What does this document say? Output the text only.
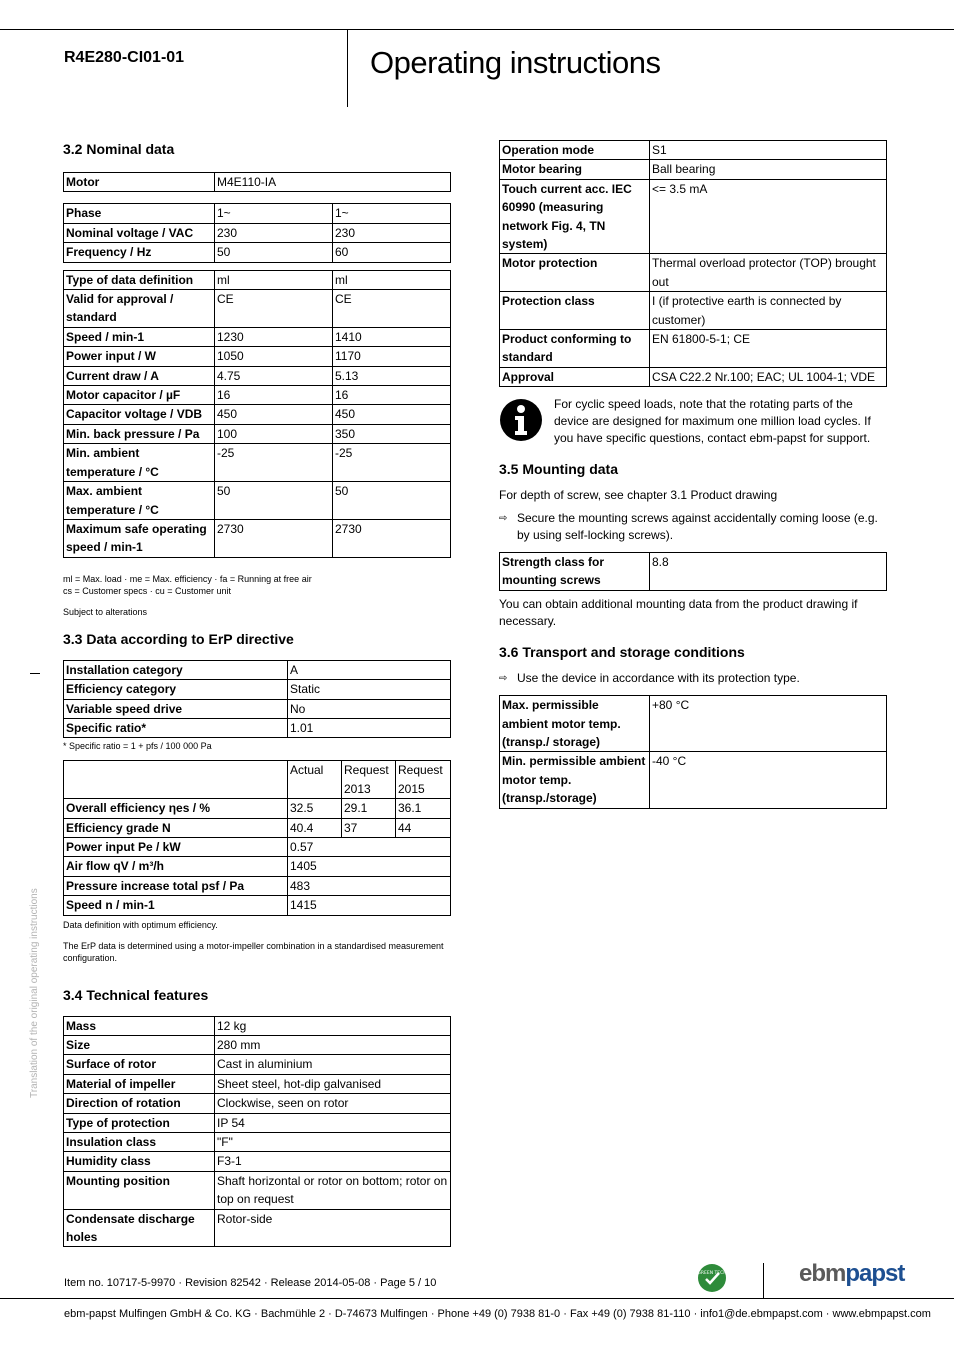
R4E280-CI01-01	Operating instructions
Translation of the original operating instructions
3.2 Nominal data
Motor	M4E110-IA
Phase	1~	1~
Nominal voltage / VAC	230	230
Frequency / Hz	50	60
Type of data definition	ml	ml
Valid for approval / standard	CE	CE
Speed / min-1	1230	1410
Power input / W	1050	1170
Current draw / A	4.75	5.13
Motor capacitor / µF	16	16
Capacitor voltage / VDB	450	450
Min. back pressure / Pa	100	350
Min. ambient temperature / °C	-25	-25
Max. ambient temperature / °C	50	50
Maximum safe operating speed / min-1	2730	2730
ml = Max. load · me = Max. efficiency · fa = Running at free air
cs = Customer specs · cu = Customer unit
Subject to alterations
3.3 Data according to ErP directive
Installation category	A
Efficiency category	Static
Variable speed drive	No
Specific ratio*	1.01
* Specific ratio = 1 + pfs / 100 000 Pa
	Actual	Request 2013	Request 2015
Overall efficiency ηes / %	32.5	29.1	36.1
Efficiency grade N	40.4	37	44
Power input Pe / kW	0.57		
Air flow qV / m³/h	1405		
Pressure increase total psf / Pa	483		
Speed n / min-1	1415		
Data definition with optimum efficiency.
The ErP data is determined using a motor-impeller combination in a standardised measurement configuration.
3.4 Technical features
Mass	12 kg
Size	280 mm
Surface of rotor	Cast in aluminium
Material of impeller	Sheet steel, hot-dip galvanised
Direction of rotation	Clockwise, seen on rotor
Type of protection	IP 54
Insulation class	"F"
Humidity class	F3-1
Mounting position	Shaft horizontal or rotor on bottom; rotor on top on request
Condensate discharge holes	Rotor-side
Operation mode	S1
Motor bearing	Ball bearing
Touch current acc. IEC 60990 (measuring network Fig. 4, TN system)	<= 3.5 mA
Motor protection	Thermal overload protector (TOP) brought out
Protection class	I (if protective earth is connected by customer)
Product conforming to standard	EN 61800-5-1; CE
Approval	CSA C22.2 Nr.100; EAC; UL 1004-1; VDE
For cyclic speed loads, note that the rotating parts of the device are designed for maximum one million load cycles. If you have specific questions, contact ebm-papst for support.
3.5 Mounting data
For depth of screw, see chapter 3.1 Product drawing
⇨ Secure the mounting screws against accidentally coming loose (e.g. by using self-locking screws).
Strength class for mounting screws	8.8
You can obtain additional mounting data from the product drawing if necessary.
3.6 Transport and storage conditions
⇨ Use the device in accordance with its protection type.
Max. permissible ambient motor temp. (transp./ storage)	+80 °C
Min. permissible ambient motor temp. (transp./storage)	-40 °C
Item no. 10717-5-9970 · Revision 82542 · Release 2014-05-08 · Page 5 / 10
GREEN TECH	ebmpapst
ebm-papst Mulfingen GmbH & Co. KG · Bachmühle 2 · D-74673 Mulfingen · Phone +49 (0) 7938 81-0 · Fax +49 (0) 7938 81-110 · info1@de.ebmpapst.com · www.ebmpapst.com
